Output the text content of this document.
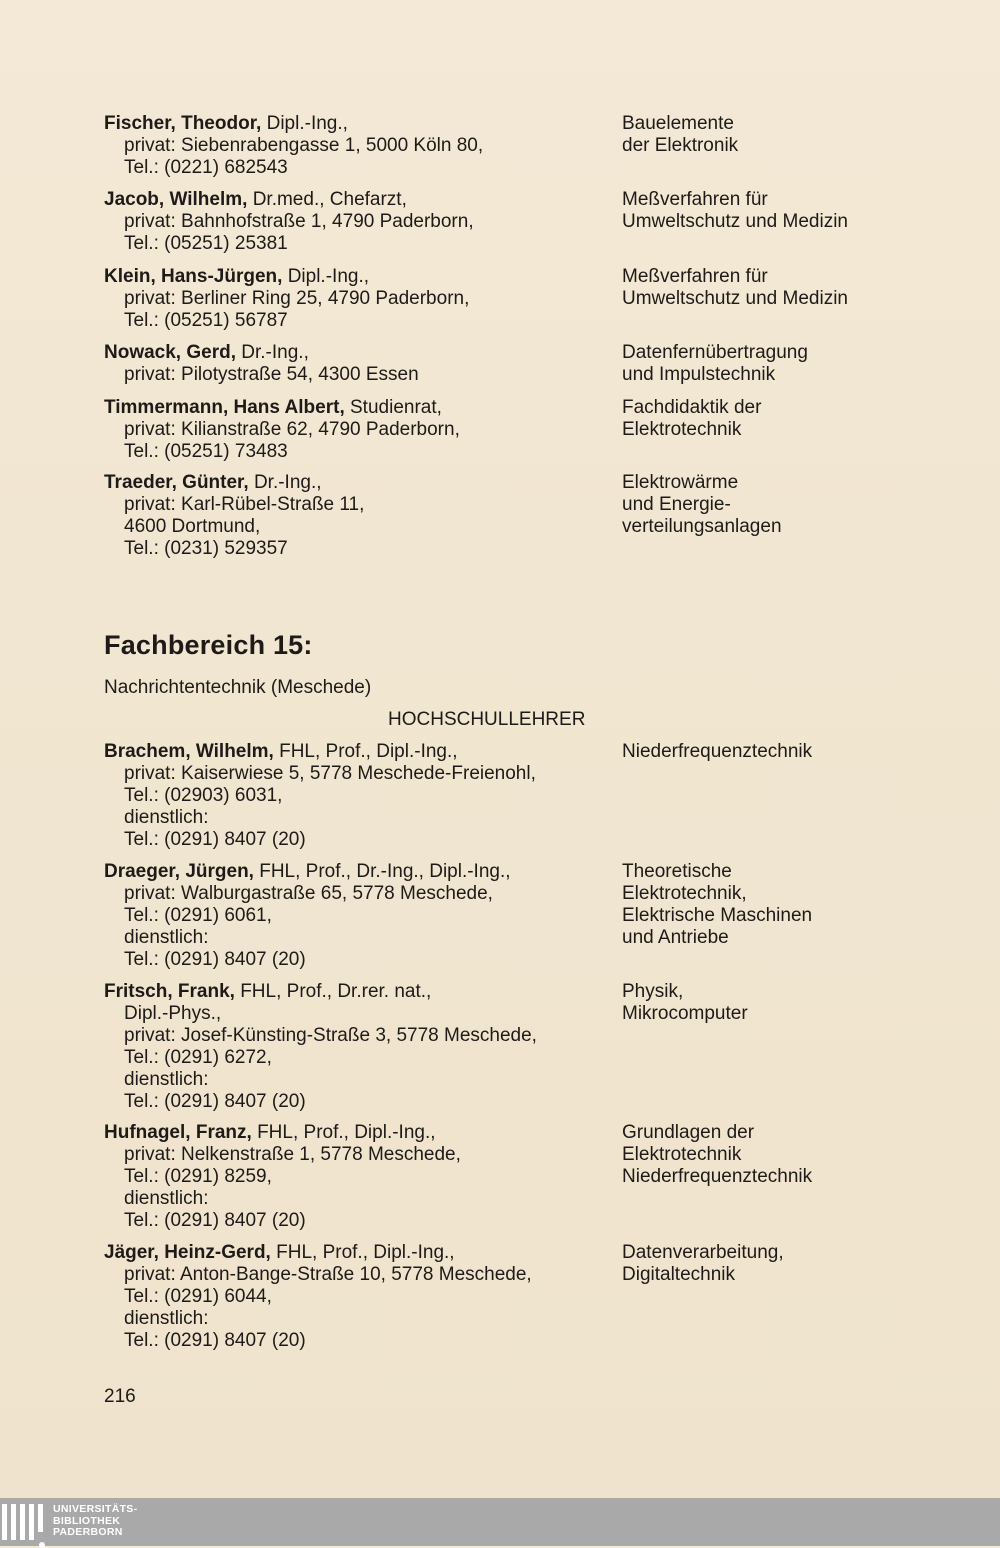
Fischer, Theodor, Dipl.-Ing.,
privat: Siebenrabengasse 1, 5000 Köln 80,
Tel.: (0221) 682543
Bauelemente
der Elektronik
Jacob, Wilhelm, Dr.med., Chefarzt,
privat: Bahnhofstraße 1, 4790 Paderborn,
Tel.: (05251) 25381
Meßverfahren für
Umweltschutz und Medizin
Klein, Hans-Jürgen, Dipl.-Ing.,
privat: Berliner Ring 25, 4790 Paderborn,
Tel.: (05251) 56787
Meßverfahren für
Umweltschutz und Medizin
Nowack, Gerd, Dr.-Ing.,
privat: Pilotystraße 54, 4300 Essen
Datenfernübertragung
und Impulstechnik
Timmermann, Hans Albert, Studienrat,
privat: Kilianstraße 62, 4790 Paderborn,
Tel.: (05251) 73483
Fachdidaktik der
Elektrotechnik
Traeder, Günter, Dr.-Ing.,
privat: Karl-Rübel-Straße 11,
4600 Dortmund,
Tel.: (0231) 529357
Elektrowärme
und Energie-
verteilungsanlagen
Fachbereich 15:
Nachrichtentechnik (Meschede)
HOCHSCHULLEHRER
Brachem, Wilhelm, FHL, Prof., Dipl.-Ing.,
privat: Kaiserwiese 5, 5778 Meschede-Freienohl,
Tel.: (02903) 6031,
dienstlich:
Tel.: (0291) 8407 (20)
Niederfrequenztechnik
Draeger, Jürgen, FHL, Prof., Dr.-Ing., Dipl.-Ing.,
privat: Walburgastraße 65, 5778 Meschede,
Tel.: (0291) 6061,
dienstlich:
Tel.: (0291) 8407 (20)
Theoretische
Elektrotechnik,
Elektrische Maschinen
und Antriebe
Fritsch, Frank, FHL, Prof., Dr.rer. nat.,
Dipl.-Phys.,
privat: Josef-Künsting-Straße 3, 5778 Meschede,
Tel.: (0291) 6272,
dienstlich:
Tel.: (0291) 8407 (20)
Physik,
Mikrocomputer
Hufnagel, Franz, FHL, Prof., Dipl.-Ing.,
privat: Nelkenstraße 1, 5778 Meschede,
Tel.: (0291) 8259,
dienstlich:
Tel.: (0291) 8407 (20)
Grundlagen der
Elektrotechnik
Niederfrequenztechnik
Jäger, Heinz-Gerd, FHL, Prof., Dipl.-Ing.,
privat: Anton-Bange-Straße 10, 5778 Meschede,
Tel.: (0291) 6044,
dienstlich:
Tel.: (0291) 8407 (20)
Datenverarbeitung,
Digitaltechnik
216
UNIVERSITÄTS-
BIBLIOTHEK
PADERBORN
